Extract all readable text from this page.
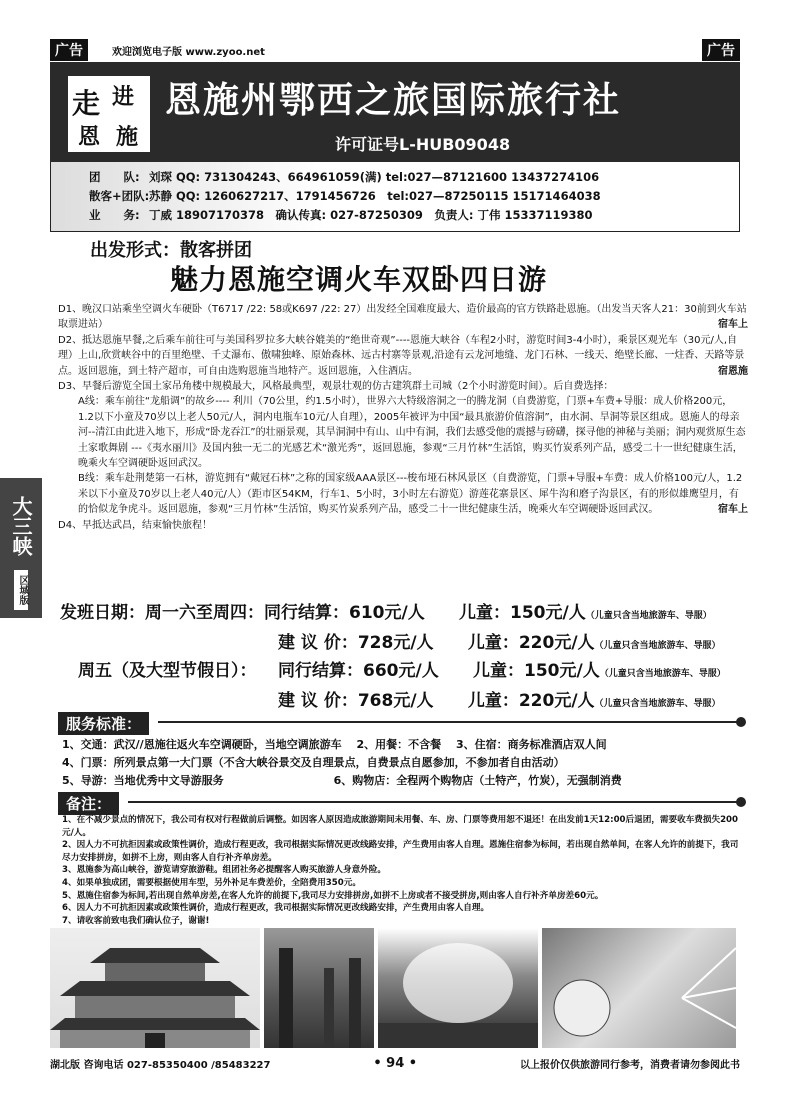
广告	欢迎浏览电子版 www.zyoo.net	广告
走 进
恩 施
恩施州鄂西之旅国际旅行社
许可证号L-HUB09048
团　　队: 刘琛 QQ: 731304243、664961059(满) tel:027—87121600 13437274106
散客+团队: 苏静 QQ: 1260627217、1791456726　tel:027—87250115 15171464038
业　　务: 丁威 18907170378　确认传真: 027-87250309　负责人: 丁伟 15337119380
出发形式：散客拼团
魅力恩施空调火车双卧四日游

D1、晚汉口站乘坐空调火车硬卧（T6717 /22: 58或K697 /22: 27）出发经全国难度最大、造价最高的官方铁路赴恩施。（出发当天客人21：30前到火车站取票进站）	宿车上

D2、抵达恩施早餐,之后乘车前往可与美国科罗拉多大峡谷媲美的“绝世奇观”----恩施大峡谷（车程2小时，游览时间3-4小时），乘景区观光车（30元/人,自理）上山,欣赏峡谷中的百里绝壁、千丈瀑布、傲啸独峰、原始森林、远古村寨等景观,沿途有云龙河地缝、龙门石林、一线天、绝壁长廊、一炷香、天路等景点。返回恩施，到土特产超市，可自由选购恩施当地特产。返回恩施，入住酒店。	宿恩施

D3、早餐后游览全国土家吊角楼中规模最大，风格最典型，观景壮观的仿古建筑群土司城（2个小时游览时间）。后自费选择：

A线：乘车前往“龙船调”的故乡---- 利川（70公里，约1.5小时），世界六大特级溶洞之一的腾龙洞（自费游览，门票+车费+导服：成人价格200元，1.2以下小童及70岁以上老人50元/人，洞内电瓶车10元/人自理），2005年被评为中国“最具旅游价值溶洞”，由水洞、旱洞等景区组成。恩施人的母亲河--清江由此进入地下，形成“卧龙吞江”的壮丽景观，其旱洞洞中有山、山中有洞，我们去感受他的震撼与磅礴，探寻他的神秘与美丽；洞内观赏原生态土家歌舞剧 ---《夷水丽川》及国内独一无二的光感艺术“激光秀”，返回恩施，参观“三月竹林”生活馆，购买竹炭系列产品，感受二十一世纪健康生活，晚乘火车空调硬卧返回武汉。

B线：乘车赴荆楚第一石林，游览拥有“戴冠石林”之称的国家级AAA景区---梭布垭石林风景区（自费游览，门票+导服+车费：成人价格100元/人，1.2米以下小童及70岁以上老人40元/人）（距市区54KM，行车1、5小时，3小时左右游览）游莲花寨景区、犀牛沟和磨子沟景区，有的形似雄鹰望月，有的恰似龙争虎斗。返回恩施，参观“三月竹林”生活馆，购买竹炭系列产品，感受二十一世纪健康生活，晚乘火车空调硬卧返回武汉。	宿车上

D4、早抵达武昌，结束愉快旅程！

大三峡
区域版
发班日期：周一六至周四： 同行结算： 610元/人	儿童： 150元/人 （儿童只含当地旅游车、导服）
建 议 价： 728元/人	儿童： 220元/人 （儿童只含当地旅游车、导服）
周五（及大型节假日）：	同行结算： 660元/人	儿童： 150元/人 （儿童只含当地旅游车、导服）
建 议 价： 768元/人	儿童： 220元/人 （儿童只含当地旅游车、导服）
服务标准：
1、交通：武汉//恩施往返火车空调硬卧，当地空调旅游车　 2、用餐：不含餐　 3、住宿：商务标准酒店双人间
4、门票：所列景点第一大门票（不含大峡谷景交及自理景点，自费景点自愿参加，不参加者自由活动）
5、导游：当地优秀中文导游服务　　　　　　　　　　6、购物店：全程两个购物店（土特产，竹炭），无强制消费
备注：
1、在不减少景点的情况下，我公司有权对行程做前后调整。如因客人原因造成旅游期间未用餐、车、房、门票等费用恕不退还！在出发前1天12:00后退团，需要收车费损失200元/人。
2、因人力不可抗拒因素或政策性调价，造成行程更改，我司根据实际情况更改线路安排，产生费用由客人自理。恩施住宿参为标间，若出现自然单间，在客人允许的前提下，我司尽力安排拼房，如拼不上房，则由客人自行补齐单房差。
3、恩施参为高山峡谷，游览请穿旅游鞋。组团社务必提醒客人购买旅游人身意外险。
4、如果单独成团，需要根据使用车型，另外补足车费差价，全陪费用350元。
5、恩施住宿参为标间,若出现自然单房差,在客人允许的前提下,我司尽力安排拼房,如拼不上房或者不接受拼房,则由客人自行补齐单房差60元。
6、因人力不可抗拒因素或政策性调价，造成行程更改，我司根据实际情况更改线路安排，产生费用由客人自理。
7、请收客前致电我们确认位子，谢谢!
湖北版 咨询电话 027-85350400 /85483227	• 94 •	以上报价仅供旅游同行参考，消费者请勿参阅此书
